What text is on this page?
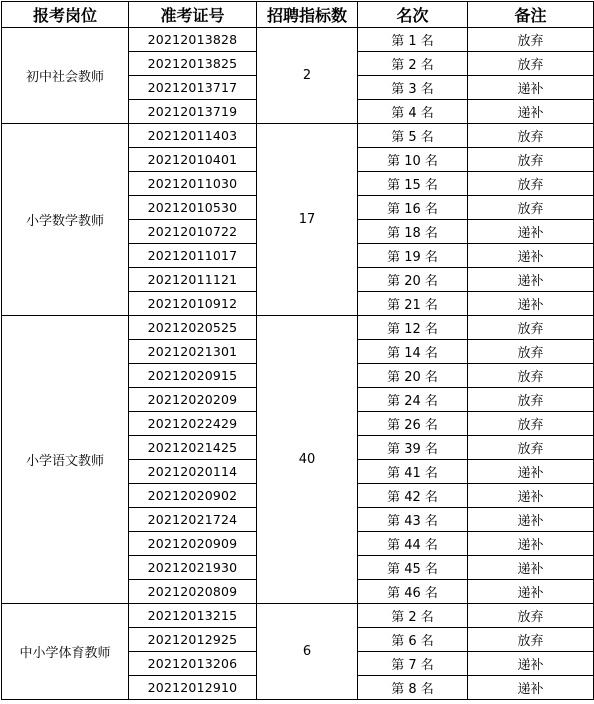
报考岗位	准考证号	招聘指标数	名次	备注
初中社会教师	20212013828	2	第 1 名	放弃
	20212013825		第 2 名	放弃
	20212013717		第 3 名	递补
	20212013719		第 4 名	递补
小学数学教师	20212011403	17	第 5 名	放弃
	20212010401		第 10 名	放弃
	20212011030		第 15 名	放弃
	20212010530		第 16 名	放弃
	20212010722		第 18 名	递补
	20212011017		第 19 名	递补
	20212011121		第 20 名	递补
	20212010912		第 21 名	递补
小学语文教师	20212020525	40	第 12 名	放弃
	20212021301		第 14 名	放弃
	20212020915		第 20 名	放弃
	20212020209		第 24 名	放弃
	20212022429		第 26 名	放弃
	20212021425		第 39 名	放弃
	20212020114		第 41 名	递补
	20212020902		第 42 名	递补
	20212021724		第 43 名	递补
	20212020909		第 44 名	递补
	20212021930		第 45 名	递补
	20212020809		第 46 名	递补
中小学体育教师	20212013215	6	第 2 名	放弃
	20212012925		第 6 名	放弃
	20212013206		第 7 名	递补
	20212012910		第 8 名	递补
